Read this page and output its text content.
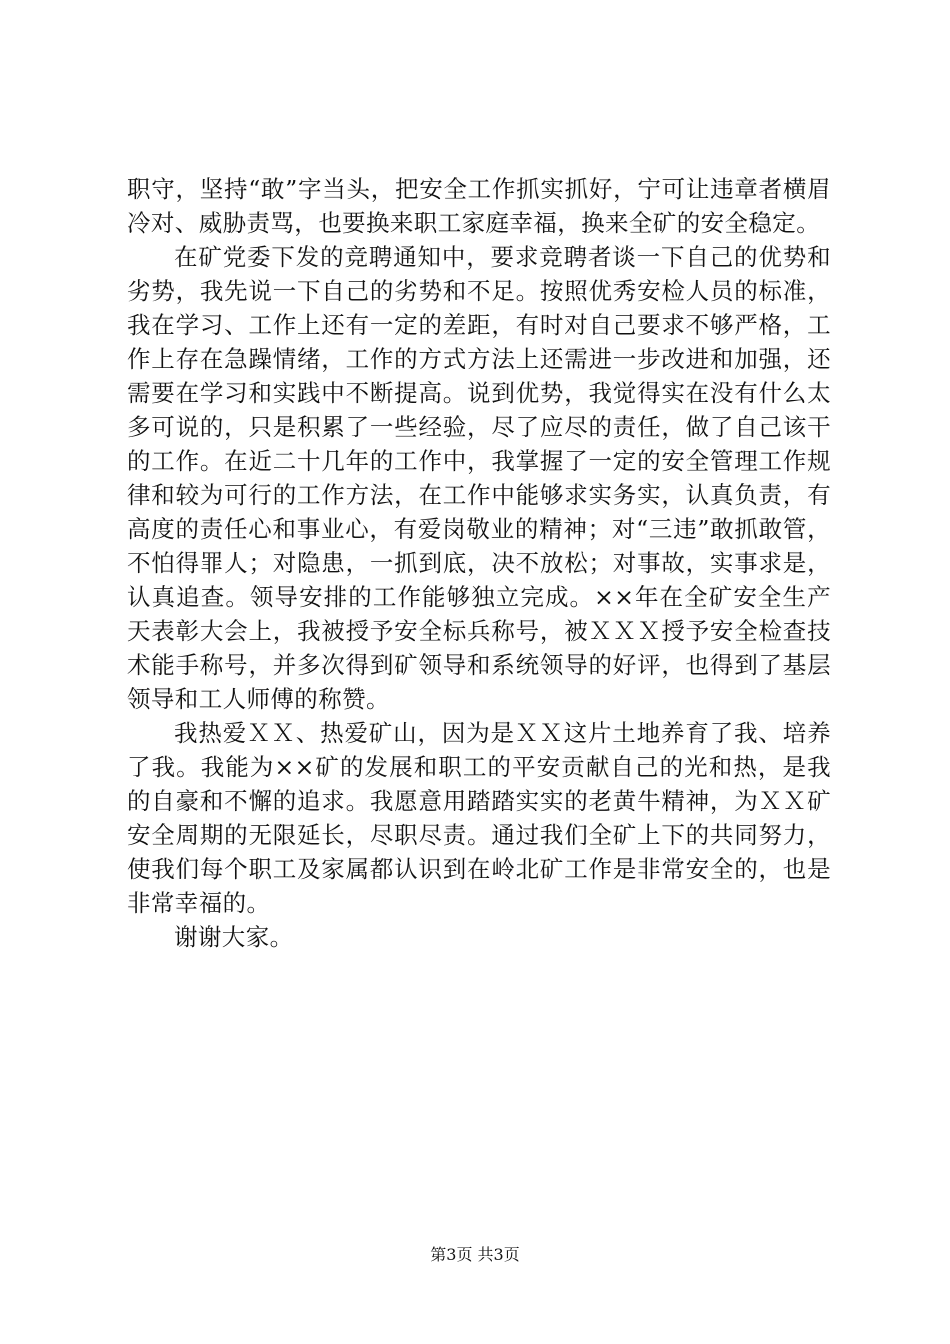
职守，坚持“敢”字当头，把安全工作抓实抓好，宁可让违章者横眉冷对、威胁责骂，也要换来职工家庭幸福，换来全矿的安全稳定。

在矿党委下发的竞聘通知中，要求竞聘者谈一下自己的优势和劣势，我先说一下自己的劣势和不足。按照优秀安检人员的标准，我在学习、工作上还有一定的差距，有时对自己要求不够严格，工作上存在急躁情绪，工作的方式方法上还需进一步改进和加强，还需要在学习和实践中不断提高。说到优势，我觉得实在没有什么太多可说的，只是积累了一些经验，尽了应尽的责任，做了自己该干的工作。在近二十几年的工作中，我掌握了一定的安全管理工作规律和较为可行的工作方法，在工作中能够求实务实，认真负责，有高度的责任心和事业心，有爱岗敬业的精神；对“三违”敢抓敢管，不怕得罪人；对隐患，一抓到底，决不放松；对事故，实事求是，认真追查。领导安排的工作能够独立完成。××年在全矿安全生产天表彰大会上，我被授予安全标兵称号，被ＸＸＸ授予安全检查技术能手称号，并多次得到矿领导和系统领导的好评，也得到了基层领导和工人师傅的称赞。

我热爱ＸＸ、热爱矿山，因为是ＸＸ这片土地养育了我、培养了我。我能为××矿的发展和职工的平安贡献自己的光和热，是我的自豪和不懈的追求。我愿意用踏踏实实的老黄牛精神，为ＸＸ矿安全周期的无限延长，尽职尽责。通过我们全矿上下的共同努力，使我们每个职工及家属都认识到在岭北矿工作是非常安全的，也是非常幸福的。

谢谢大家。

第3页 共3页
